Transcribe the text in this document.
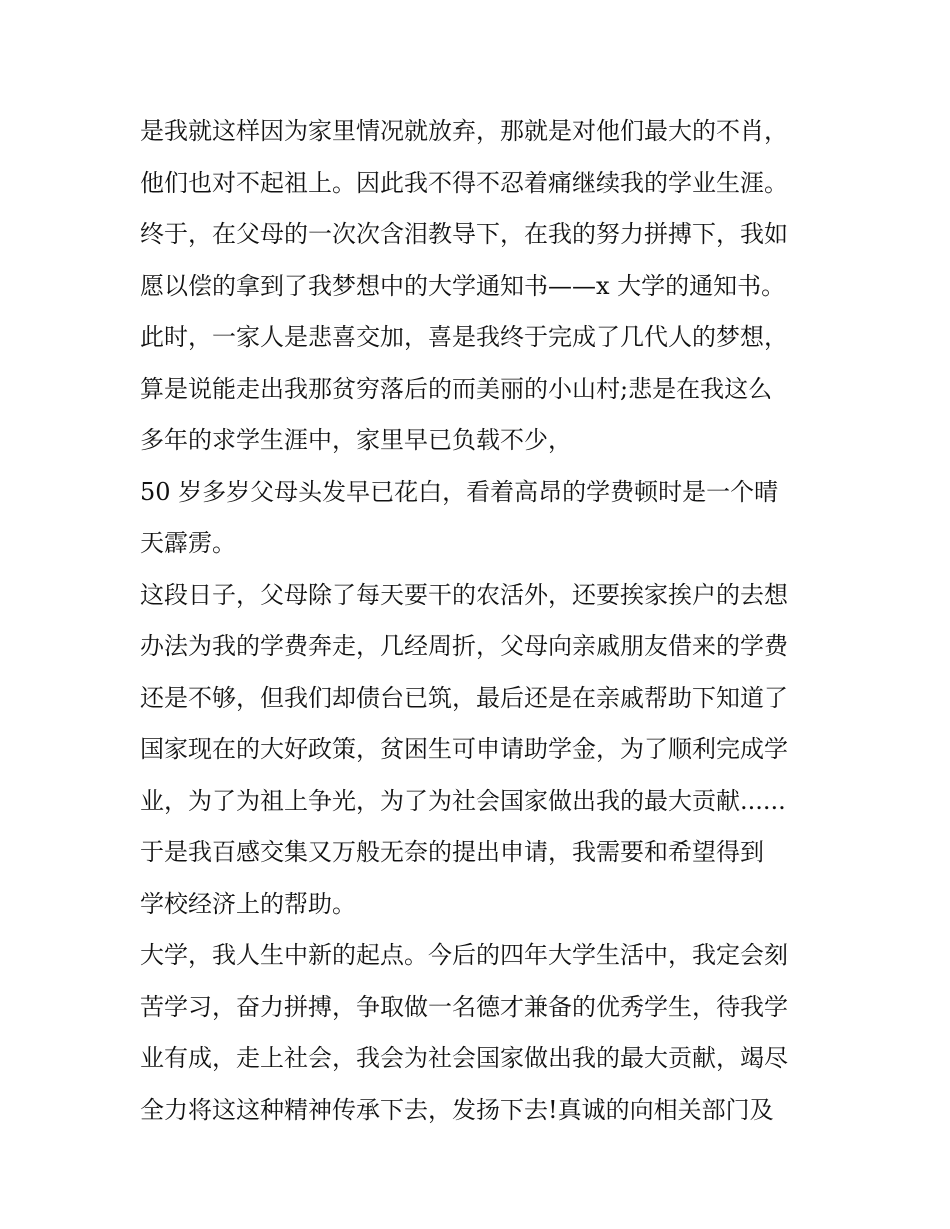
是我就这样因为家里情况就放弃，那就是对他们最大的不肖，
他们也对不起祖上。因此我不得不忍着痛继续我的学业生涯。
终于，在父母的一次次含泪教导下，在我的努力拼搏下，我如
愿以偿的拿到了我梦想中的大学通知书——x 大学的通知书。
此时，一家人是悲喜交加，喜是我终于完成了几代人的梦想，
算是说能走出我那贫穷落后的而美丽的小山村;悲是在我这么
多年的求学生涯中，家里早已负载不少，
50 岁多岁父母头发早已花白，看着高昂的学费顿时是一个晴
天霹雳。
这段日子，父母除了每天要干的农活外，还要挨家挨户的去想
办法为我的学费奔走，几经周折，父母向亲戚朋友借来的学费
还是不够，但我们却债台已筑，最后还是在亲戚帮助下知道了
国家现在的大好政策，贫困生可申请助学金，为了顺利完成学
业，为了为祖上争光，为了为社会国家做出我的最大贡献......
于是我百感交集又万般无奈的提出申请，我需要和希望得到
学校经济上的帮助。
大学，我人生中新的起点。今后的四年大学生活中，我定会刻
苦学习，奋力拼搏，争取做一名德才兼备的优秀学生，待我学
业有成，走上社会，我会为社会国家做出我的最大贡献，竭尽
全力将这这种精神传承下去，发扬下去!真诚的向相关部门及
